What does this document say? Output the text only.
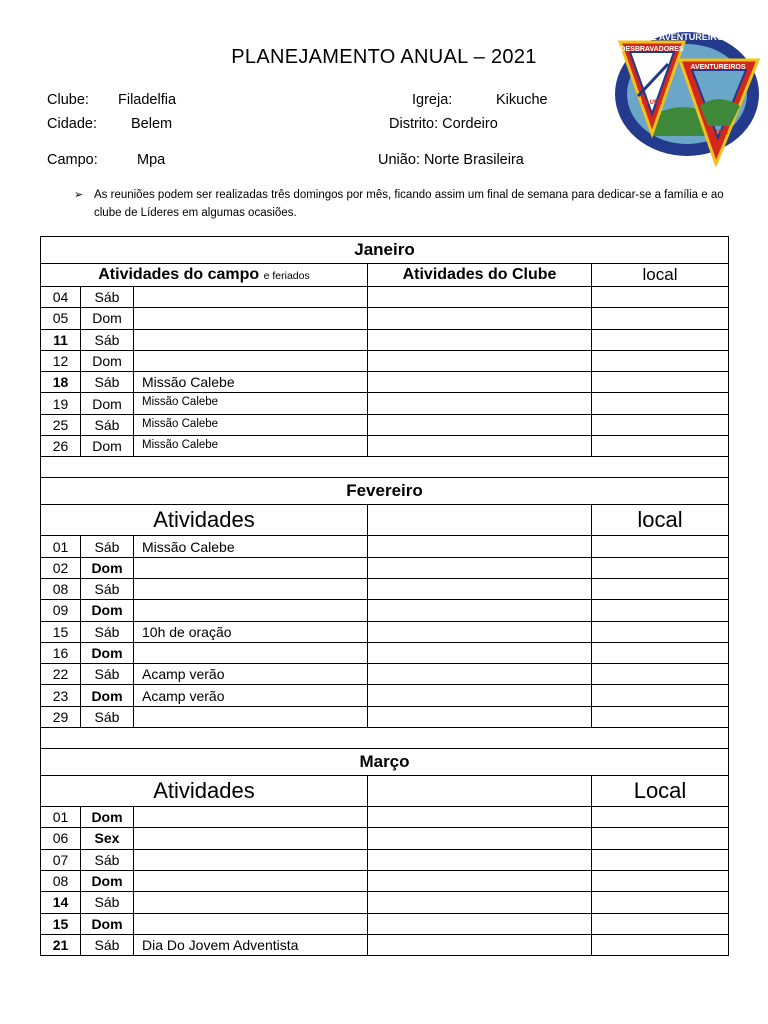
PLANEJAMENTO ANUAL – 2021
Clube: Filadelfia	Igreja:	Kikuche
Cidade: Belem	Distrito: Cordeiro
Campo:	Mpa	União: Norte Brasileira
➢ As reuniões podem ser realizadas três domingos por mês, ficando assim um final de semana para dedicar-se a família e ao clube de Líderes em algumas ocasiões.
DE AVENTUREIROS
DESBRAVADORES
CLUBE
AVENTUREIROS
CLUBE
Janeiro				
Atividades do campo e feriados			Atividades do Clube	local
04	Sáb			
05	Dom			
11	Sáb			
12	Dom			
18	Sáb	Missão Calebe		
19	Dom	Missão Calebe		
25	Sáb	Missão Calebe		
26	Dom	Missão Calebe		

Fevereiro				
Atividades				local
01	Sáb	Missão Calebe		
02	Dom			
08	Sáb			
09	Dom			
15	Sáb	10h de oração		
16	Dom			
22	Sáb	Acamp verão		
23	Dom	Acamp verão		
29	Sáb			

Março				
Atividades				Local
01	Dom			
06	Sex			
07	Sáb			
08	Dom			
14	Sáb			
15	Dom			
21	Sáb	Dia Do Jovem Adventista		
